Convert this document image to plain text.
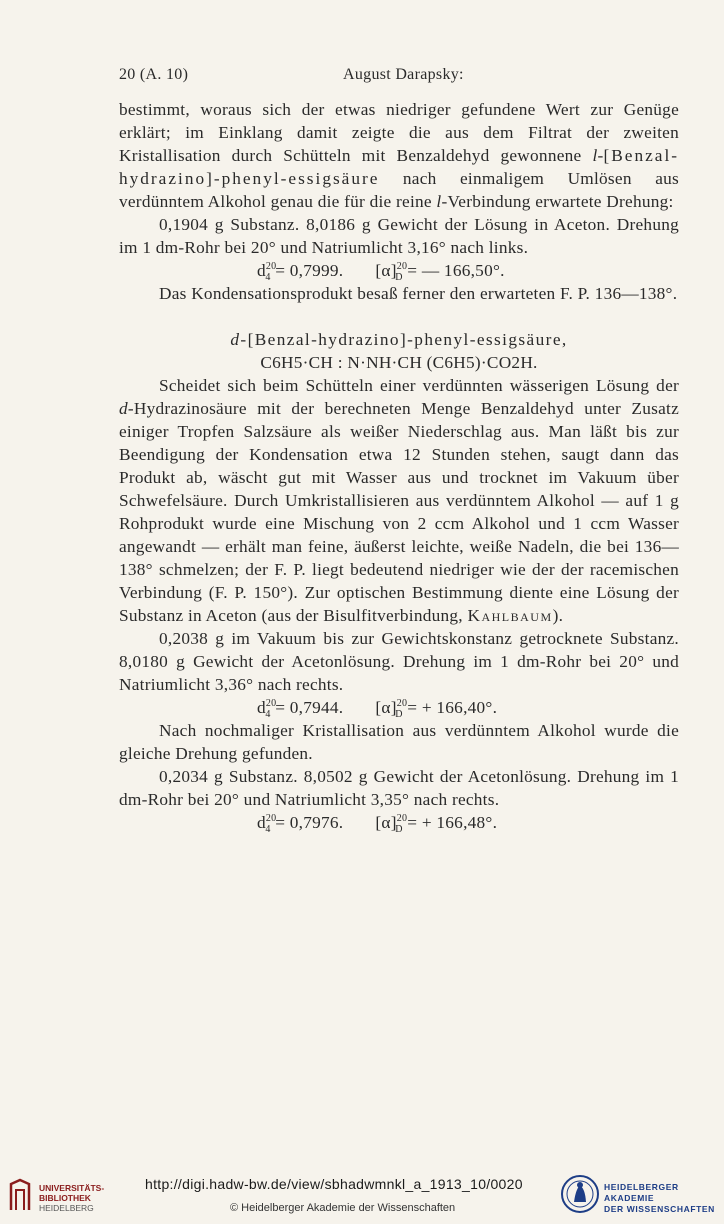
20 (A. 10)	August Darapsky:

bestimmt, woraus sich der etwas niedriger gefundene Wert zur Genüge erklärt; im Einklang damit zeigte die aus dem Filtrat der zweiten Kristallisation durch Schütteln mit Benzaldehyd gewonnene l-[Benzal-hydrazino]-phenyl-essigsäure nach einmaligem Umlösen aus verdünntem Alkohol genau die für die reine l-Verbindung erwartete Drehung:

0,1904 g Substanz. 8,0186 g Gewicht der Lösung in Aceton. Drehung im 1 dm-Rohr bei 20° und Natriumlicht 3,16° nach links.

$d^{20}_4 = 0,7999$.       $[\alpha]^{20}_D$ = — 166,50°.

Das Kondensationsprodukt besaß ferner den erwarteten F. P. 136—138°.

d-[Benzal-hydrazino]-phenyl-essigsäure,

C6H5·CH : N·NH·CH (C6H5)·CO2H.

Scheidet sich beim Schütteln einer verdünnten wässerigen Lösung der d-Hydrazinosäure mit der berechneten Menge Benzaldehyd unter Zusatz einiger Tropfen Salzsäure als weißer Niederschlag aus. Man läßt bis zur Beendigung der Kondensation etwa 12 Stunden stehen, saugt dann das Produkt ab, wäscht gut mit Wasser aus und trocknet im Vakuum über Schwefelsäure. Durch Umkristallisieren aus verdünntem Alkohol — auf 1 g Rohprodukt wurde eine Mischung von 2 ccm Alkohol und 1 ccm Wasser angewandt — erhält man feine, äußerst leichte, weiße Nadeln, die bei 136—138° schmelzen; der F. P. liegt bedeutend niedriger wie der der racemischen Verbindung (F. P. 150°). Zur optischen Bestimmung diente eine Lösung der Substanz in Aceton (aus der Bisulfitverbindung, Kahlbaum).

0,2038 g im Vakuum bis zur Gewichtskonstanz getrocknete Substanz. 8,0180 g Gewicht der Acetonlösung. Drehung im 1 dm-Rohr bei 20° und Natriumlicht 3,36° nach rechts.

$d^{20}_4 = 0,7944$.       $[\alpha]^{20}_D$ = + 166,40°.

Nach nochmaliger Kristallisation aus verdünntem Alkohol wurde die gleiche Drehung gefunden.

0,2034 g Substanz. 8,0502 g Gewicht der Acetonlösung. Drehung im 1 dm-Rohr bei 20° und Natriumlicht 3,35° nach rechts.

$d^{20}_4 = 0,7976$.       $[\alpha]^{20}_D$ = + 166,48°.

UNIVERSITÄTS-
BIBLIOTHEK
HEIDELBERG
http://digi.hadw-bw.de/view/sbhadwmnkl_a_1913_10/0020
© Heidelberger Akademie der Wissenschaften
HEIDELBERGER AKADEMIE
DER WISSENSCHAFTEN
